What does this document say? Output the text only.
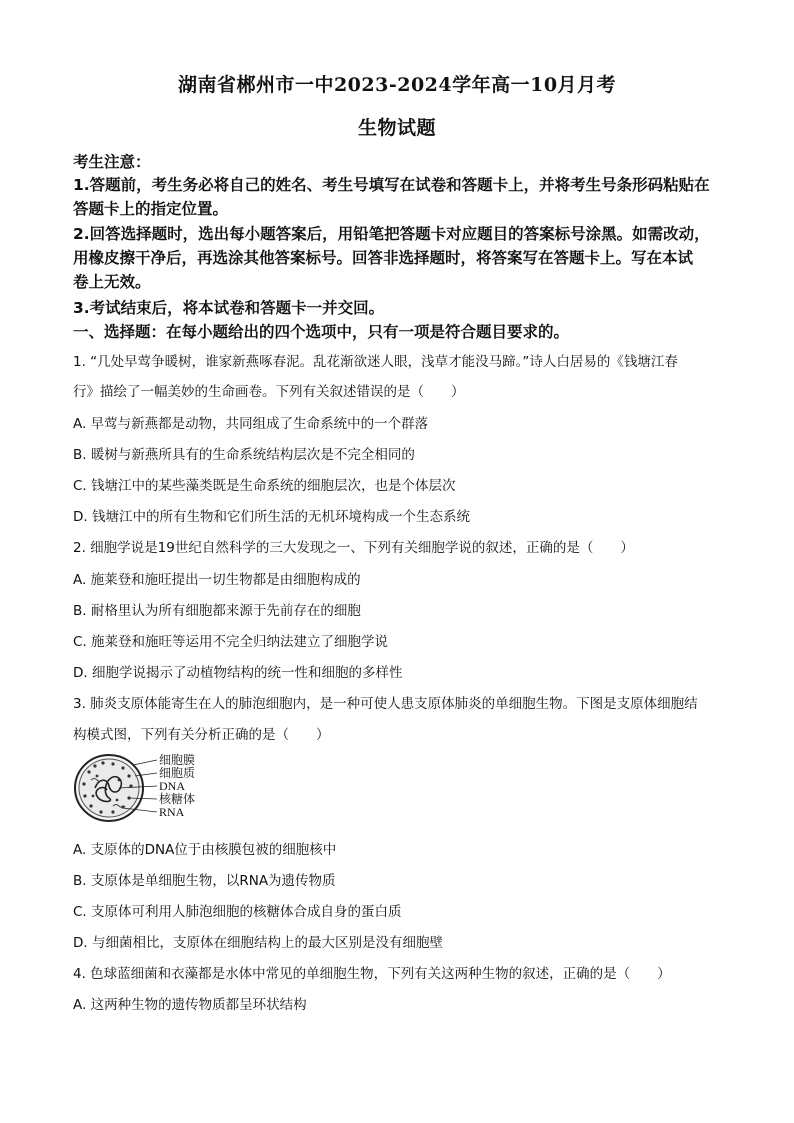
湖南省郴州市一中2023-2024学年高一10月月考
生物试题
考生注意：
1.答题前，考生务必将自己的姓名、考生号填写在试卷和答题卡上，并将考生号条形码粘贴在
答题卡上的指定位置。
2.回答选择题时，选出每小题答案后，用铅笔把答题卡对应题目的答案标号涂黑。如需改动，
用橡皮擦干净后，再选涂其他答案标号。回答非选择题时，将答案写在答题卡上。写在本试
卷上无效。
3.考试结束后，将本试卷和答题卡一并交回。
一、选择题：在每小题给出的四个选项中，只有一项是符合题目要求的。
1. “几处早莺争暖树，谁家新燕啄春泥。乱花渐欲迷人眼，浅草才能没马蹄。”诗人白居易的《钱塘江春
行》描绘了一幅美妙的生命画卷。下列有关叙述错误的是（　　）
A. 早莺与新燕都是动物，共同组成了生命系统中的一个群落
B. 暖树与新燕所具有的生命系统结构层次是不完全相同的
C. 钱塘江中的某些藻类既是生命系统的细胞层次，也是个体层次
D. 钱塘江中的所有生物和它们所生活的无机环境构成一个生态系统
2. 细胞学说是19世纪自然科学的三大发现之一、下列有关细胞学说的叙述，正确的是（　　）
A. 施莱登和施旺提出一切生物都是由细胞构成的
B. 耐格里认为所有细胞都来源于先前存在的细胞
C. 施莱登和施旺等运用不完全归纳法建立了细胞学说
D. 细胞学说揭示了动植物结构的统一性和细胞的多样性
3. 肺炎支原体能寄生在人的肺泡细胞内，是一种可使人患支原体肺炎的单细胞生物。下图是支原体细胞结
构模式图，下列有关分析正确的是（　　）
细胞膜
细胞质
DNA
核糖体
RNA
A. 支原体的DNA位于由核膜包被的细胞核中
B. 支原体是单细胞生物，以RNA为遗传物质
C. 支原体可利用人肺泡细胞的核糖体合成自身的蛋白质
D. 与细菌相比，支原体在细胞结构上的最大区别是没有细胞壁
4. 色球蓝细菌和衣藻都是水体中常见的单细胞生物，下列有关这两种生物的叙述，正确的是（　　）
A. 这两种生物的遗传物质都呈环状结构
